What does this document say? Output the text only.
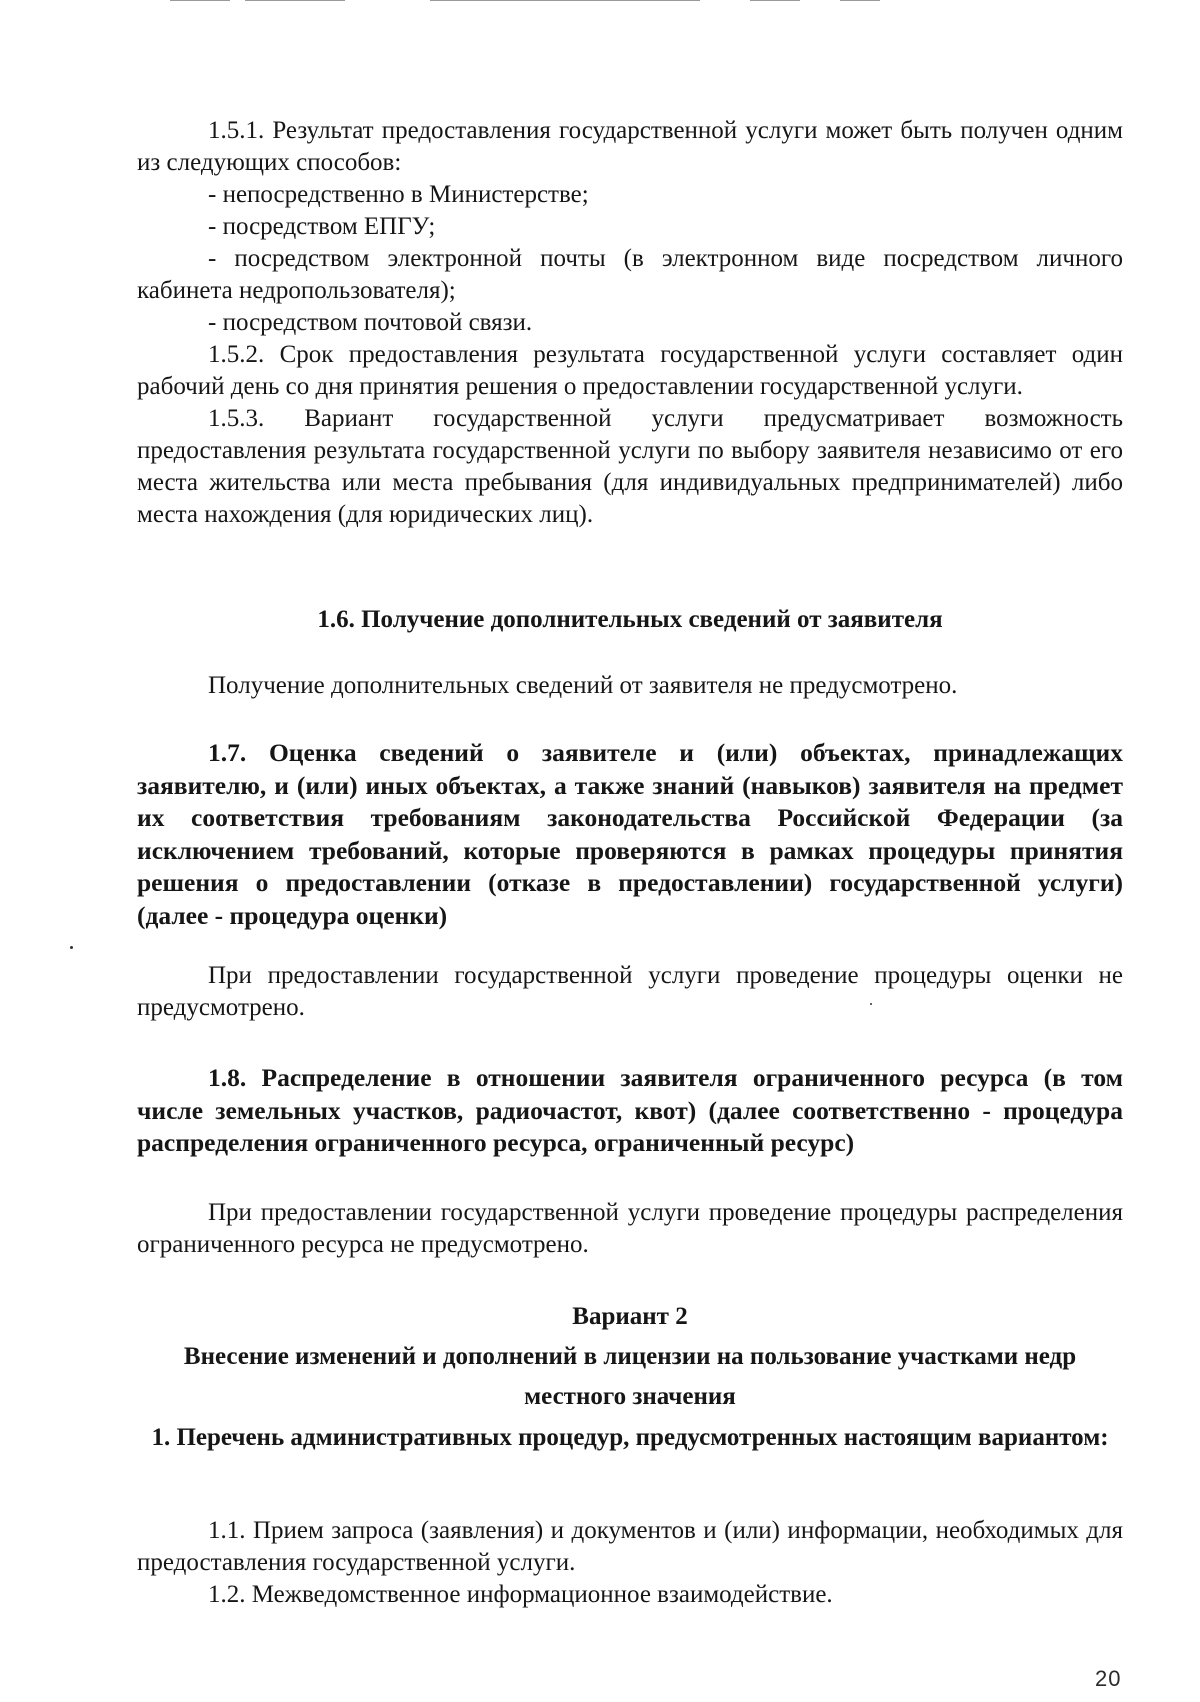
1.5.1. Результат предоставления государственной услуги может быть получен одним из следующих способов:

- непосредственно в Министерстве;

- посредством ЕПГУ;

- посредством электронной почты (в электронном виде посредством личного кабинета недропользователя);

- посредством почтовой связи.

1.5.2. Срок предоставления результата государственной услуги составляет один рабочий день со дня принятия решения о предоставлении государственной услуги.

1.5.3. Вариант государственной услуги предусматривает возможность предоставления результата государственной услуги по выбору заявителя независимо от его места жительства или места пребывания (для индивидуальных предпринимателей) либо места нахождения (для юридических лиц).

1.6. Получение дополнительных сведений от заявителя

Получение дополнительных сведений от заявителя не предусмотрено.

1.7. Оценка сведений о заявителе и (или) объектах, принадлежащих заявителю, и (или) иных объектах, а также знаний (навыков) заявителя на предмет их соответствия требованиям законодательства Российской Федерации (за исключением требований, которые проверяются в рамках процедуры принятия решения о предоставлении (отказе в предоставлении) государственной услуги) (далее - процедура оценки)

При предоставлении государственной услуги проведение процедуры оценки не предусмотрено.

1.8. Распределение в отношении заявителя ограниченного ресурса (в том числе земельных участков, радиочастот, квот) (далее соответственно - процедура распределения ограниченного ресурса, ограниченный ресурс)

При предоставлении государственной услуги проведение процедуры распределения ограниченного ресурса не предусмотрено.

Вариант 2

Внесение изменений и дополнений в лицензии на пользование участками недр местного значения

1. Перечень административных процедур, предусмотренных настоящим вариантом:

1.1. Прием запроса (заявления) и документов и (или) информации, необходимых для предоставления государственной услуги.

1.2. Межведомственное информационное взаимодействие.

20
